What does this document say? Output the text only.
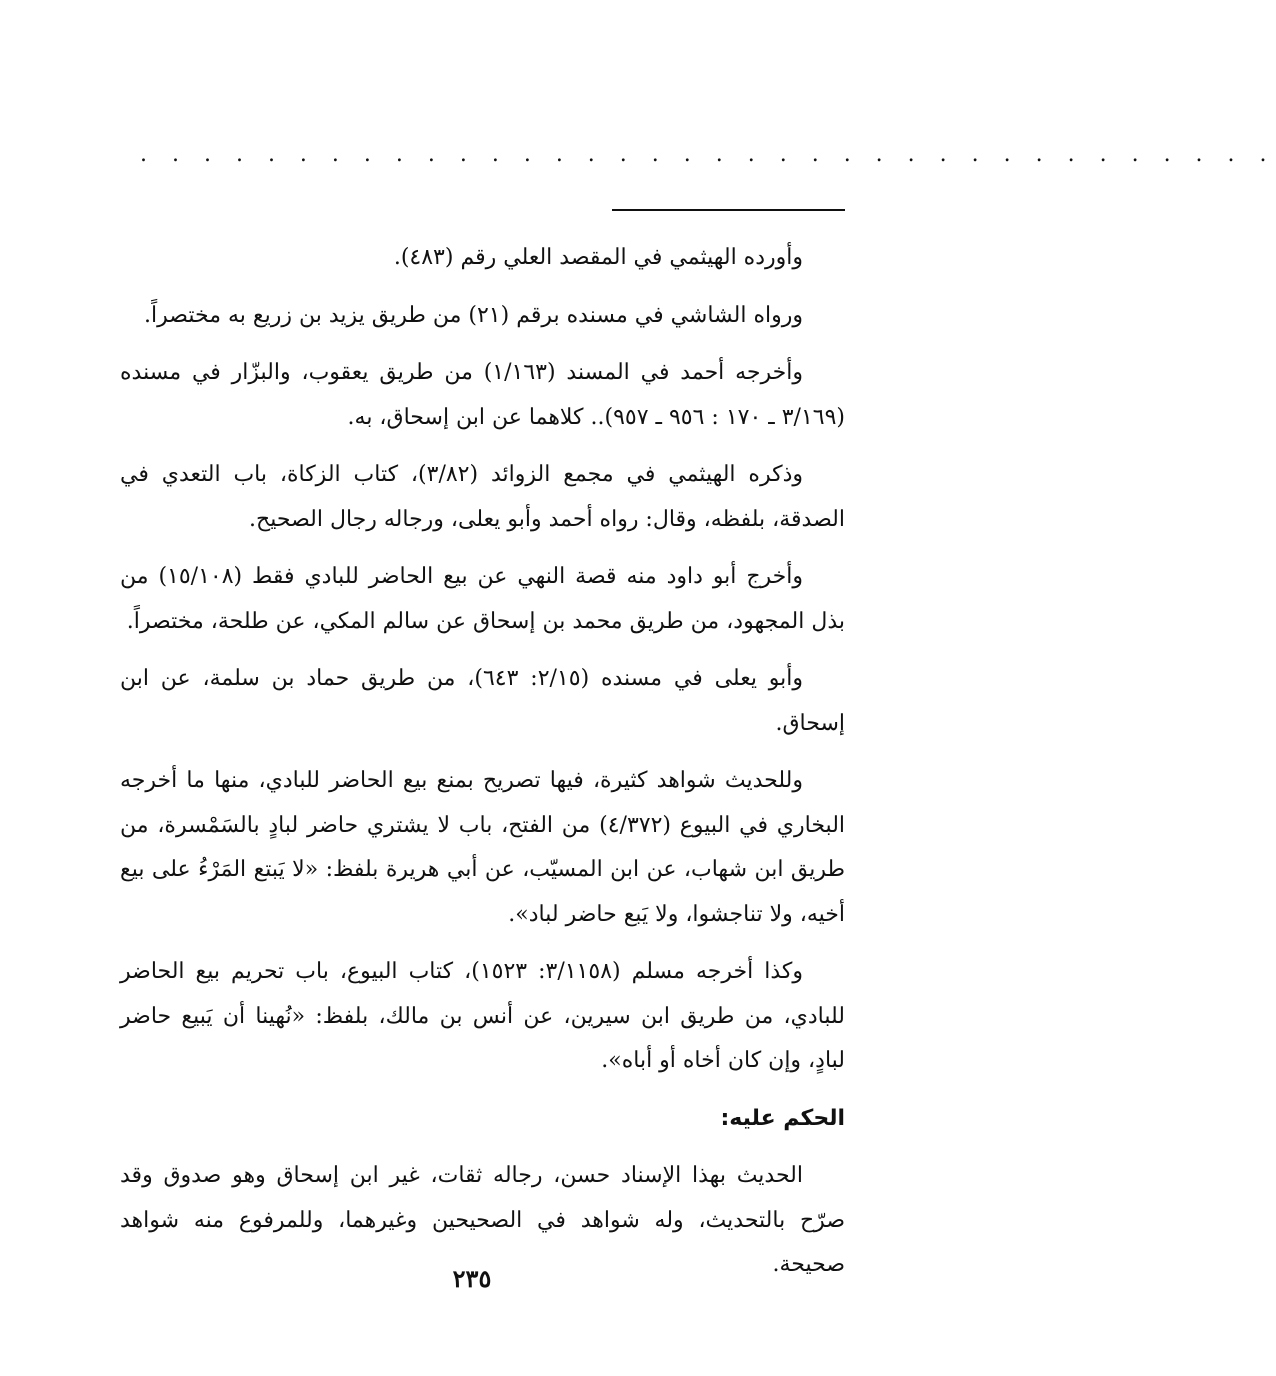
. . . . . . . . . . . . . . . . . . . . . . . . . . . . . . . . . . . .

وأورده الهيثمي في المقصد العلي رقم (٤٨٣).

ورواه الشاشي في مسنده برقم (٢١) من طريق يزيد بن زريع به مختصراً.

وأخرجه أحمد في المسند (١/١٦٣) من طريق يعقوب، والبزّار في مسنده (٣/١٦٩ ـ ١٧٠ : ٩٥٦ ـ ٩٥٧).. كلاهما عن ابن إسحاق، به.

وذكره الهيثمي في مجمع الزوائد (٣/٨٢)، كتاب الزكاة، باب التعدي في الصدقة، بلفظه، وقال: رواه أحمد وأبو يعلى، ورجاله رجال الصحيح.

وأخرج أبو داود منه قصة النهي عن بيع الحاضر للبادي فقط (١٥/١٠٨) من بذل المجهود، من طريق محمد بن إسحاق عن سالم المكي، عن طلحة، مختصراً.

وأبو يعلى في مسنده (٢/١٥: ٦٤٣)، من طريق حماد بن سلمة، عن ابن إسحاق.

وللحديث شواهد كثيرة، فيها تصريح بمنع بيع الحاضر للبادي، منها ما أخرجه البخاري في البيوع (٤/٣٧٢) من الفتح، باب لا يشتري حاضر لبادٍ بالسَمْسرة، من طريق ابن شهاب، عن ابن المسيّب، عن أبي هريرة بلفظ: «لا يَبتع المَرْءُ على بيع أخيه، ولا تناجشوا، ولا يَبع حاضر لباد».

وكذا أخرجه مسلم (٣/١١٥٨: ١٥٢٣)، كتاب البيوع، باب تحريم بيع الحاضر للبادي، من طريق ابن سيرين، عن أنس بن مالك، بلفظ: «نُهينا أن يَبيع حاضر لبادٍ، وإن كان أخاه أو أباه».

الحكم عليه:

الحديث بهذا الإسناد حسن، رجاله ثقات، غير ابن إسحاق وهو صدوق وقد صرّح بالتحديث، وله شواهد في الصحيحين وغيرهما، وللمرفوع منه شواهد صحيحة.

٢٣٥
